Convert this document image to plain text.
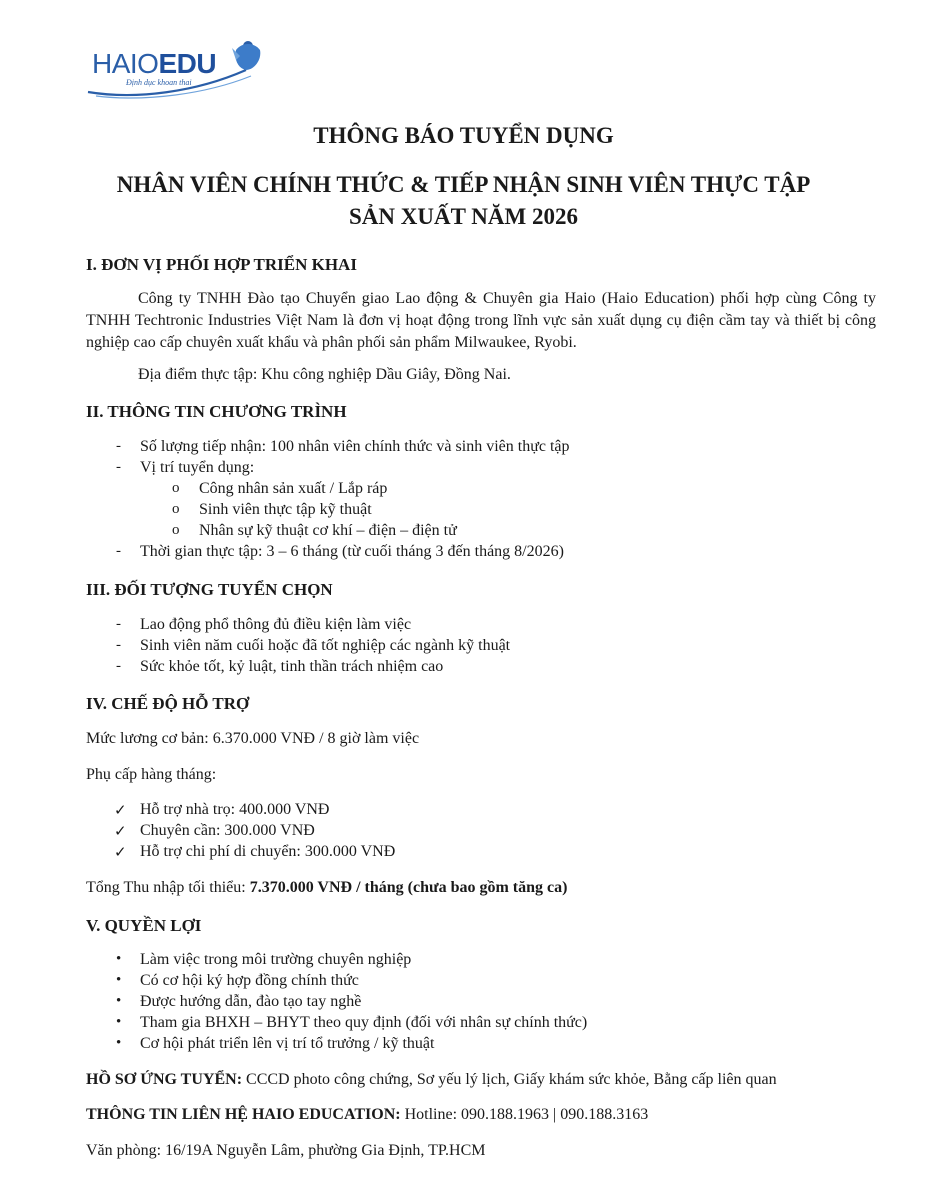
HAIOEDU
Định dục khoan thai
THÔNG BÁO TUYỂN DỤNG
NHÂN VIÊN CHÍNH THỨC & TIẾP NHẬN SINH VIÊN THỰC TẬP
SẢN XUẤT NĂM 2026
I. ĐƠN VỊ PHỐI HỢP TRIỂN KHAI
Công ty TNHH Đào tạo Chuyển giao Lao động & Chuyên gia Haio (Haio Education) phối hợp cùng Công ty TNHH Techtronic Industries Việt Nam là đơn vị hoạt động trong lĩnh vực sản xuất dụng cụ điện cầm tay và thiết bị công nghiệp cao cấp chuyên xuất khẩu và phân phối sản phẩm Milwaukee, Ryobi.
Địa điểm thực tập: Khu công nghiệp Dầu Giây, Đồng Nai.
II. THÔNG TIN CHƯƠNG TRÌNH
- Số lượng tiếp nhận: 100 nhân viên chính thức và sinh viên thực tập
- Vị trí tuyển dụng:
o Công nhân sản xuất / Lắp ráp
o Sinh viên thực tập kỹ thuật
o Nhân sự kỹ thuật cơ khí – điện – điện tử
- Thời gian thực tập: 3 – 6 tháng (từ cuối tháng 3 đến tháng 8/2026)
III. ĐỐI TƯỢNG TUYỂN CHỌN
- Lao động phổ thông đủ điều kiện làm việc
- Sinh viên năm cuối hoặc đã tốt nghiệp các ngành kỹ thuật
- Sức khỏe tốt, kỷ luật, tinh thần trách nhiệm cao
IV. CHẾ ĐỘ HỖ TRỢ
Mức lương cơ bản: 6.370.000 VNĐ / 8 giờ làm việc
Phụ cấp hàng tháng:
✓ Hỗ trợ nhà trọ: 400.000 VNĐ
✓ Chuyên cần: 300.000 VNĐ
✓ Hỗ trợ chi phí di chuyển: 300.000 VNĐ
Tổng Thu nhập tối thiểu: 7.370.000 VNĐ / tháng (chưa bao gồm tăng ca)
V. QUYỀN LỢI
• Làm việc trong môi trường chuyên nghiệp
• Có cơ hội ký hợp đồng chính thức
• Được hướng dẫn, đào tạo tay nghề
• Tham gia BHXH – BHYT theo quy định (đối với nhân sự chính thức)
• Cơ hội phát triển lên vị trí tổ trưởng / kỹ thuật
HỒ SƠ ỨNG TUYỂN: CCCD photo công chứng, Sơ yếu lý lịch, Giấy khám sức khỏe, Bằng cấp liên quan
THÔNG TIN LIÊN HỆ HAIO EDUCATION: Hotline: 090.188.1963 | 090.188.3163
Văn phòng: 16/19A Nguyễn Lâm, phường Gia Định, TP.HCM
